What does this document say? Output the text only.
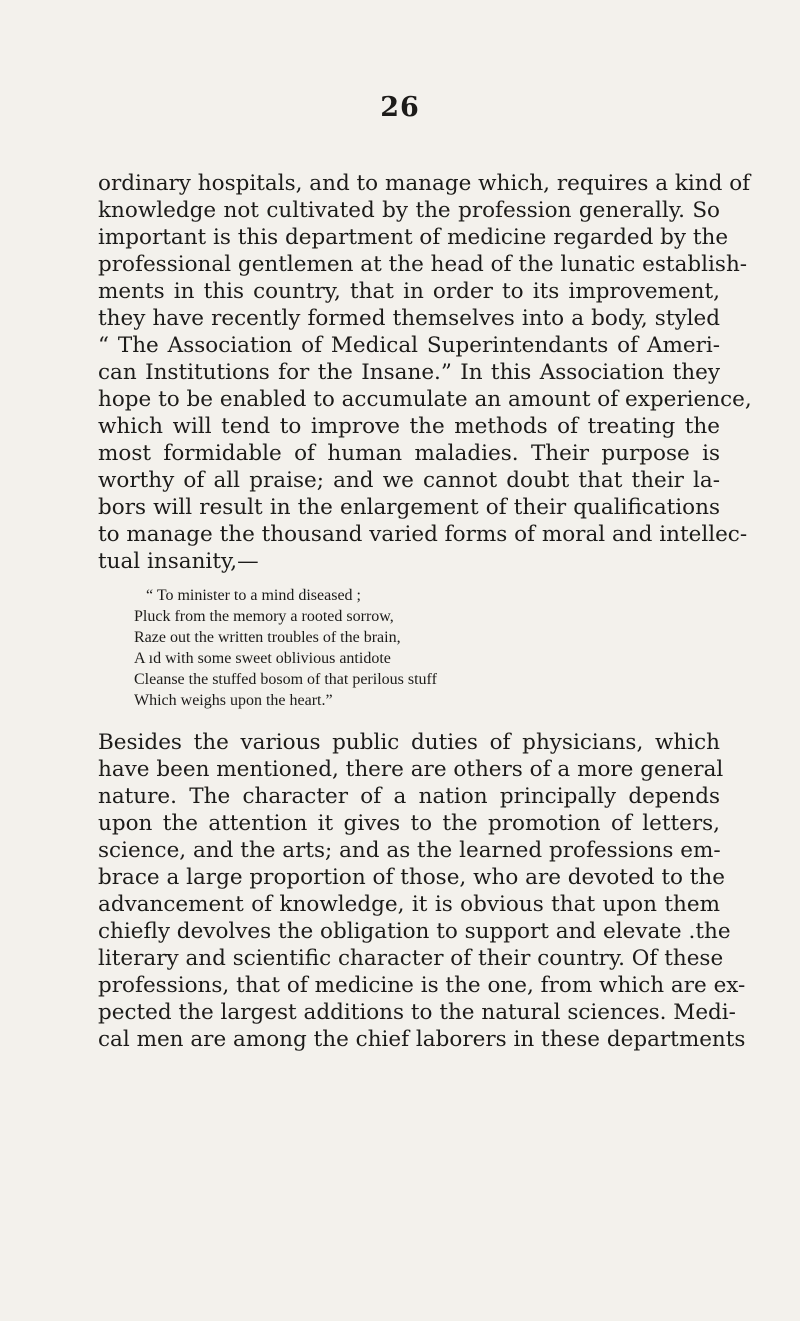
26
ordinary hospitals, and to manage which, requires a kind of
knowledge not cultivated by the profession generally. So
important is this department of medicine regarded by the
professional gentlemen at the head of the lunatic establish-
ments in this country, that in order to its improvement,
they have recently formed themselves into a body, styled
“ The Association of Medical Superintendants of Ameri-
can Institutions for the Insane.” In this Association they
hope to be enabled to accumulate an amount of experience,
which will tend to improve the methods of treating the
most formidable of human maladies. Their purpose is
worthy of all praise; and we cannot doubt that their la-
bors will result in the enlargement of their qualifications
to manage the thousand varied forms of moral and intellec-
tual insanity,—
“ To minister to a mind diseased ;
Pluck from the memory a rooted sorrow,
Raze out the written troubles of the brain,
A ıd with some sweet oblivious antidote
Cleanse the stuffed bosom of that perilous stuff
Which weighs upon the heart.”
Besides the various public duties of physicians, which
have been mentioned, there are others of a more general
nature. The character of a nation principally depends
upon the attention it gives to the promotion of letters,
science, and the arts; and as the learned professions em-
brace a large proportion of those, who are devoted to the
advancement of knowledge, it is obvious that upon them
chiefly devolves the obligation to support and elevate .the
literary and scientific character of their country. Of these
professions, that of medicine is the one, from which are ex-
pected the largest additions to the natural sciences. Medi-
cal men are among the chief laborers in these departments
